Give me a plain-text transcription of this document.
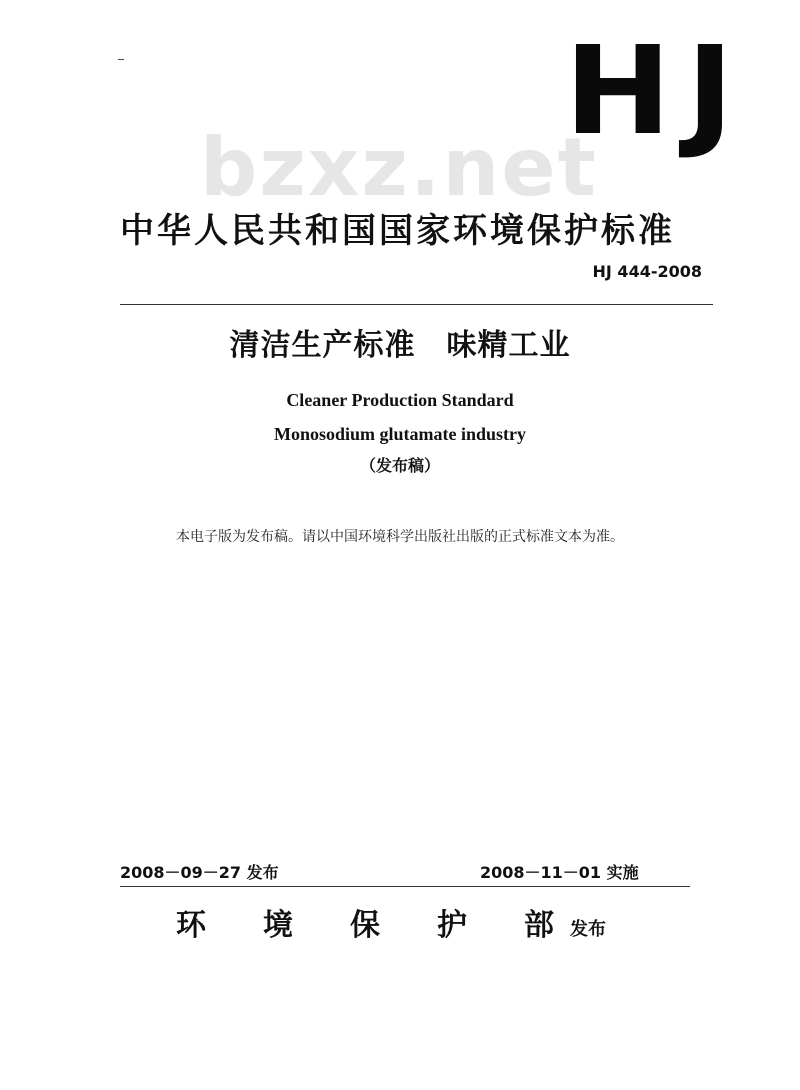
HJ
bzxz.net
中华人民共和国国家环境保护标准
HJ 444-2008
清洁生产标准　味精工业
Cleaner Production Standard
Monosodium glutamate industry
（发布稿）
本电子版为发布稿。请以中国环境科学出版社出版的正式标准文本为准。
2008－09－27 发布	2008－11－01 实施
环	境	保	护	部 发布
